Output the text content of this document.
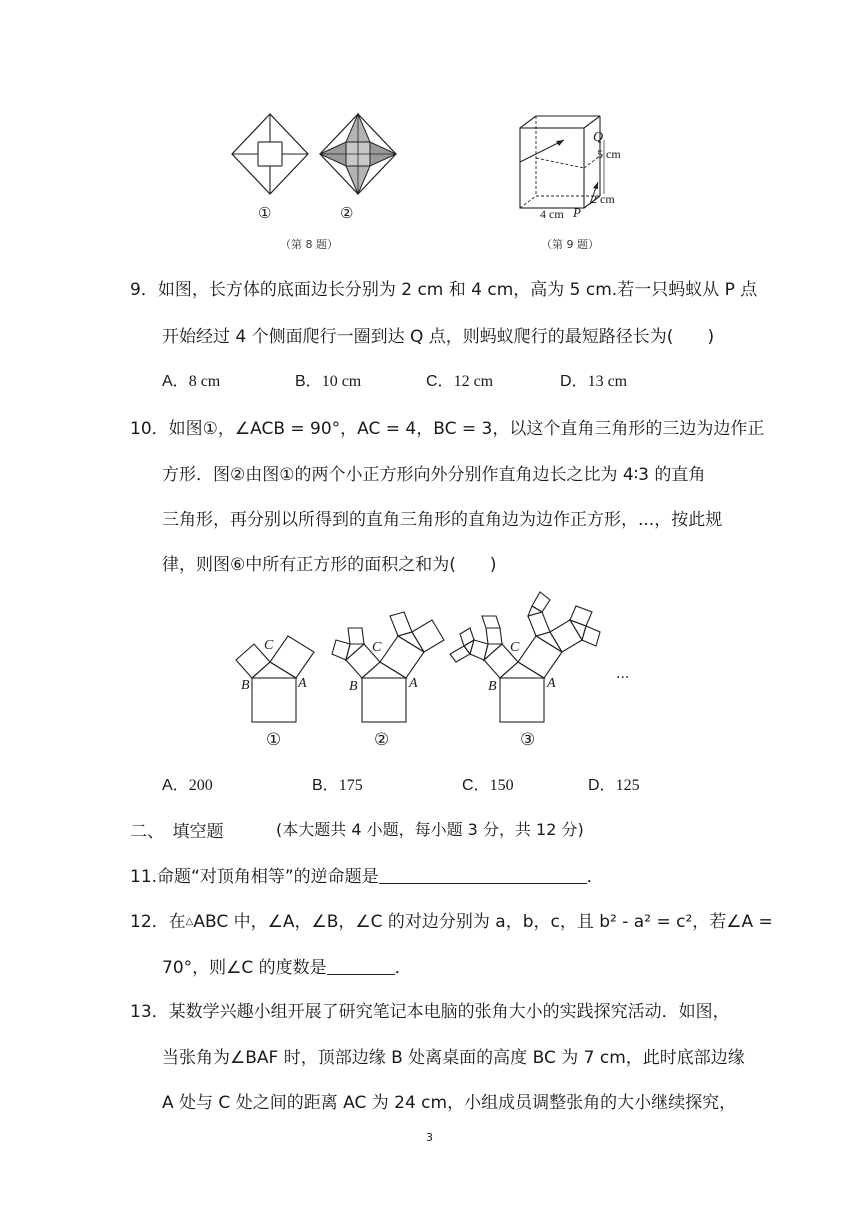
①	②
（第 8 题）
Q
5 cm
2 cm
4 cm P
（第 9 题）
9．如图，长方体的底面边长分别为 2 cm 和 4 cm，高为 5 cm.若一只蚂蚁从 P 点
开始经过 4 个侧面爬行一圈到达 Q 点，则蚂蚁爬行的最短路径长为(　　)
A．8 cm	B．10 cm	C．12 cm	D．13 cm
10．如图①，∠ACB = 90°，AC = 4，BC = 3，以这个直角三角形的三边为边作正
方形．图②由图①的两个小正方形向外分别作直角边长之比为 4∶3 的直角
三角形，再分别以所得到的直角三角形的直角边为边作正方形，...，按此规
律，则图⑥中所有正方形的面积之和为(　　)
C
B	A
C
B	A
C
B	A	···
①	②	③
A．200	B．175	C．150	D．125
二、　填空题	(本大题共 4 小题，每小题 3 分，共 12 分)
11.命题“对顶角相等”的逆命题是	．
12．在△ABC 中，∠A，∠B，∠C 的对边分别为 a，b，c，且 b² - a² = c²，若∠A =
70°，则∠C 的度数是	．
13．某数学兴趣小组开展了研究笔记本电脑的张角大小的实践探究活动．如图，
当张角为∠BAF 时，顶部边缘 B 处离桌面的高度 BC 为 7 cm，此时底部边缘
A 处与 C 处之间的距离 AC 为 24 cm，小组成员调整张角的大小继续探究，
3
